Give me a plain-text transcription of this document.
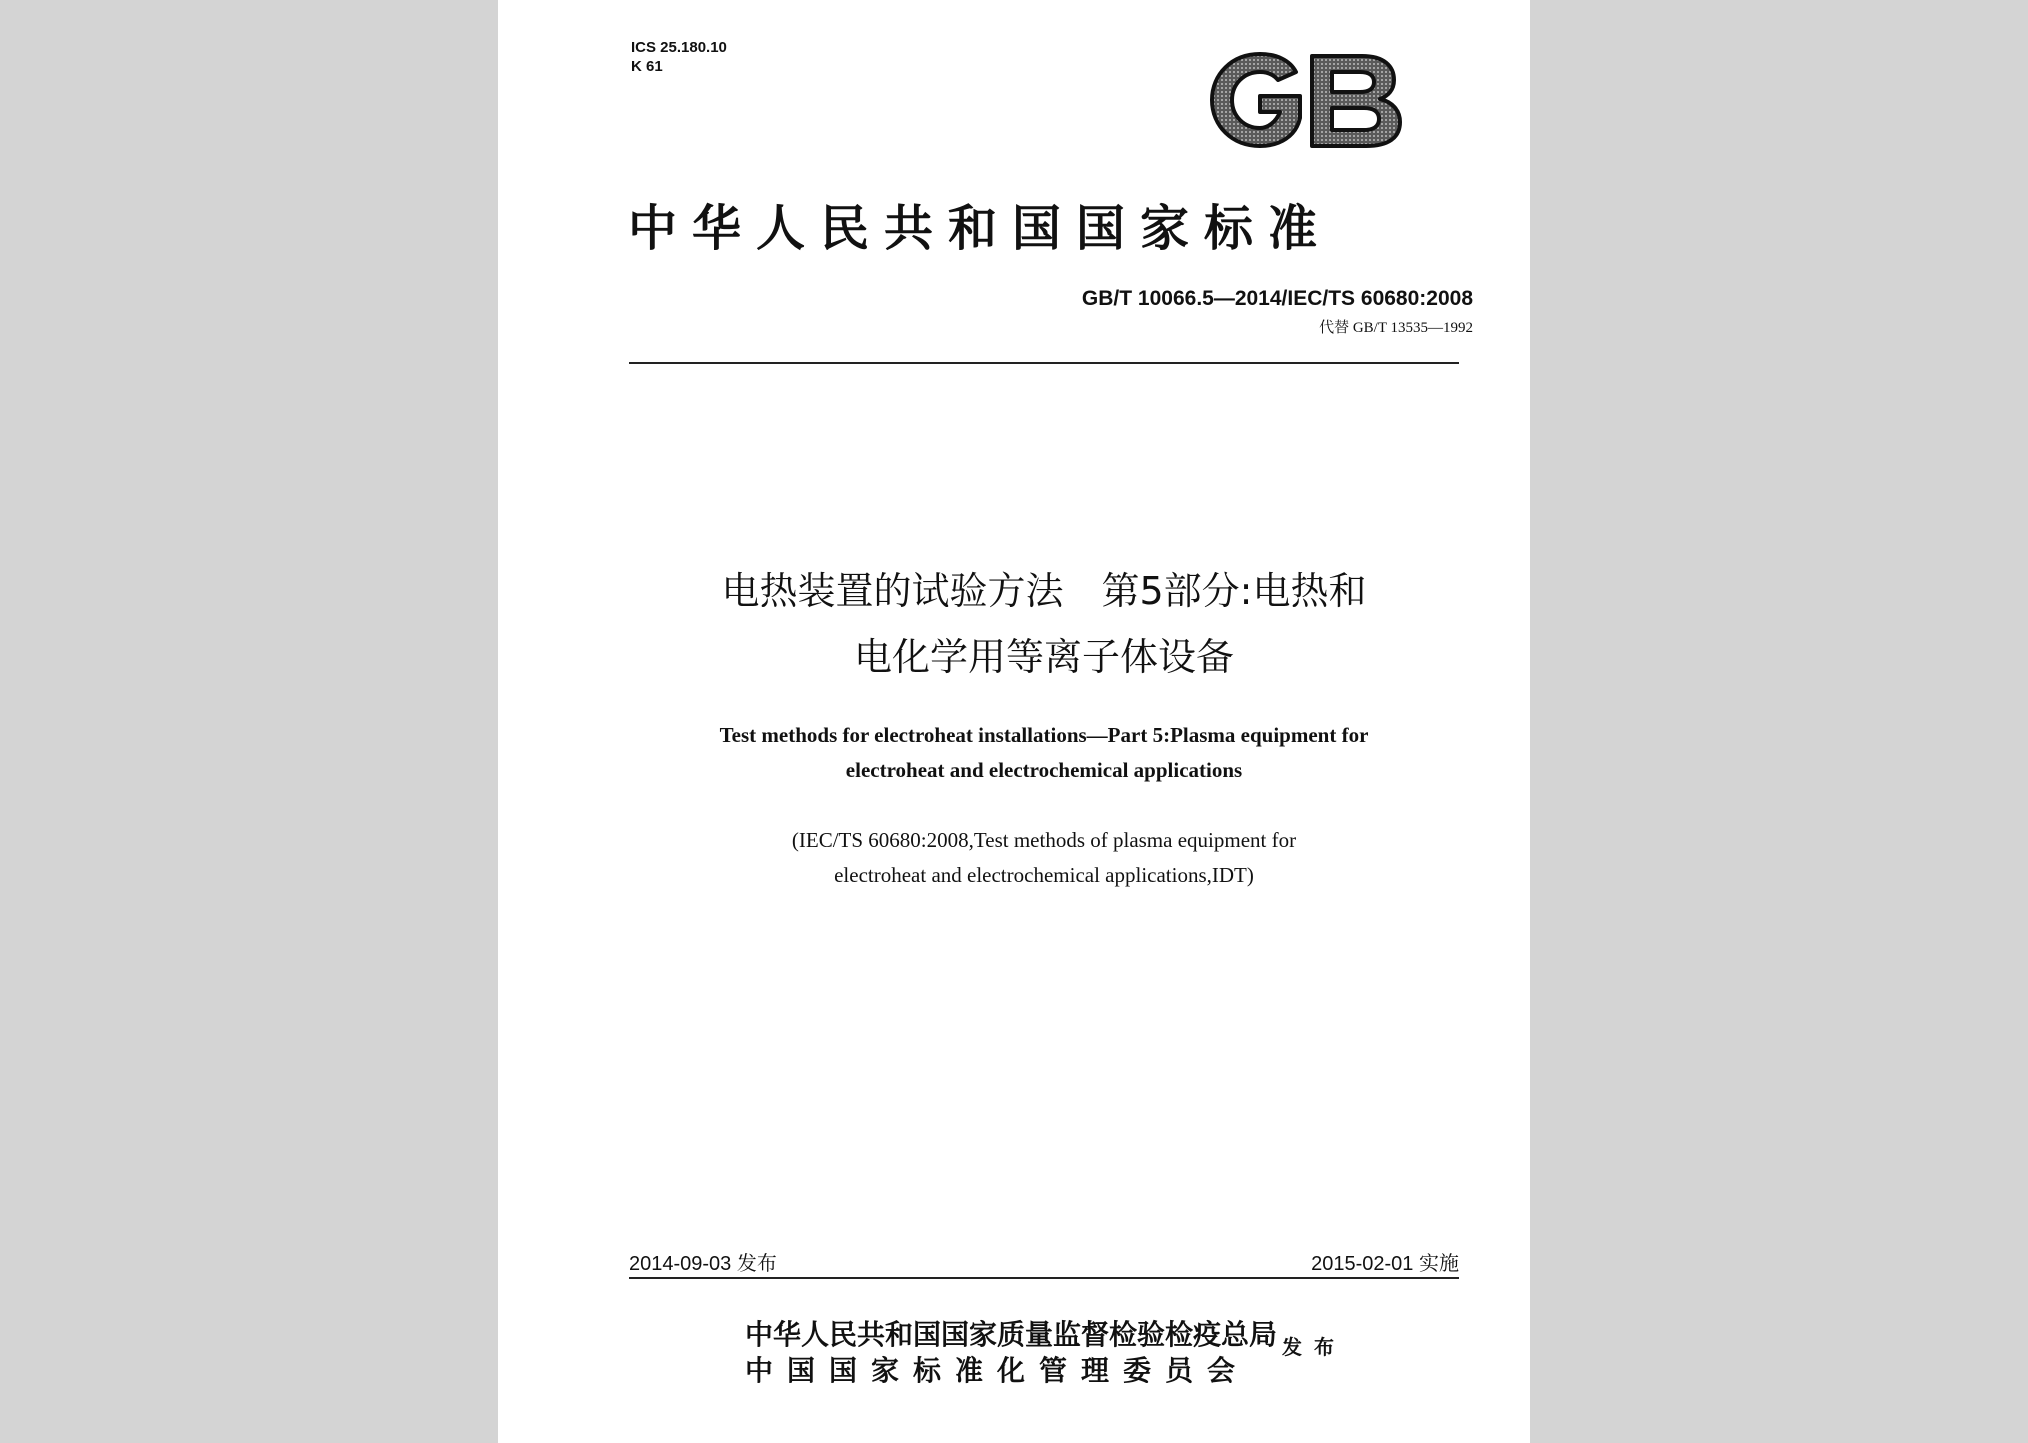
ICS 25.180.10
K 61
中华人民共和国国家标准
GB/T 10066.5—2014/IEC/TS 60680:2008
代替 GB/T 13535—1992
电热装置的试验方法　第5部分:电热和
电化学用等离子体设备
Test methods for electroheat installations—Part 5:Plasma equipment for
electroheat and electrochemical applications
(IEC/TS 60680:2008,Test methods of plasma equipment for
electroheat and electrochemical applications,IDT)
2014-09-03 发布	2015-02-01 实施
中华人民共和国国家质量监督检验检疫总局
中国国家标准化管理委员会
发布
